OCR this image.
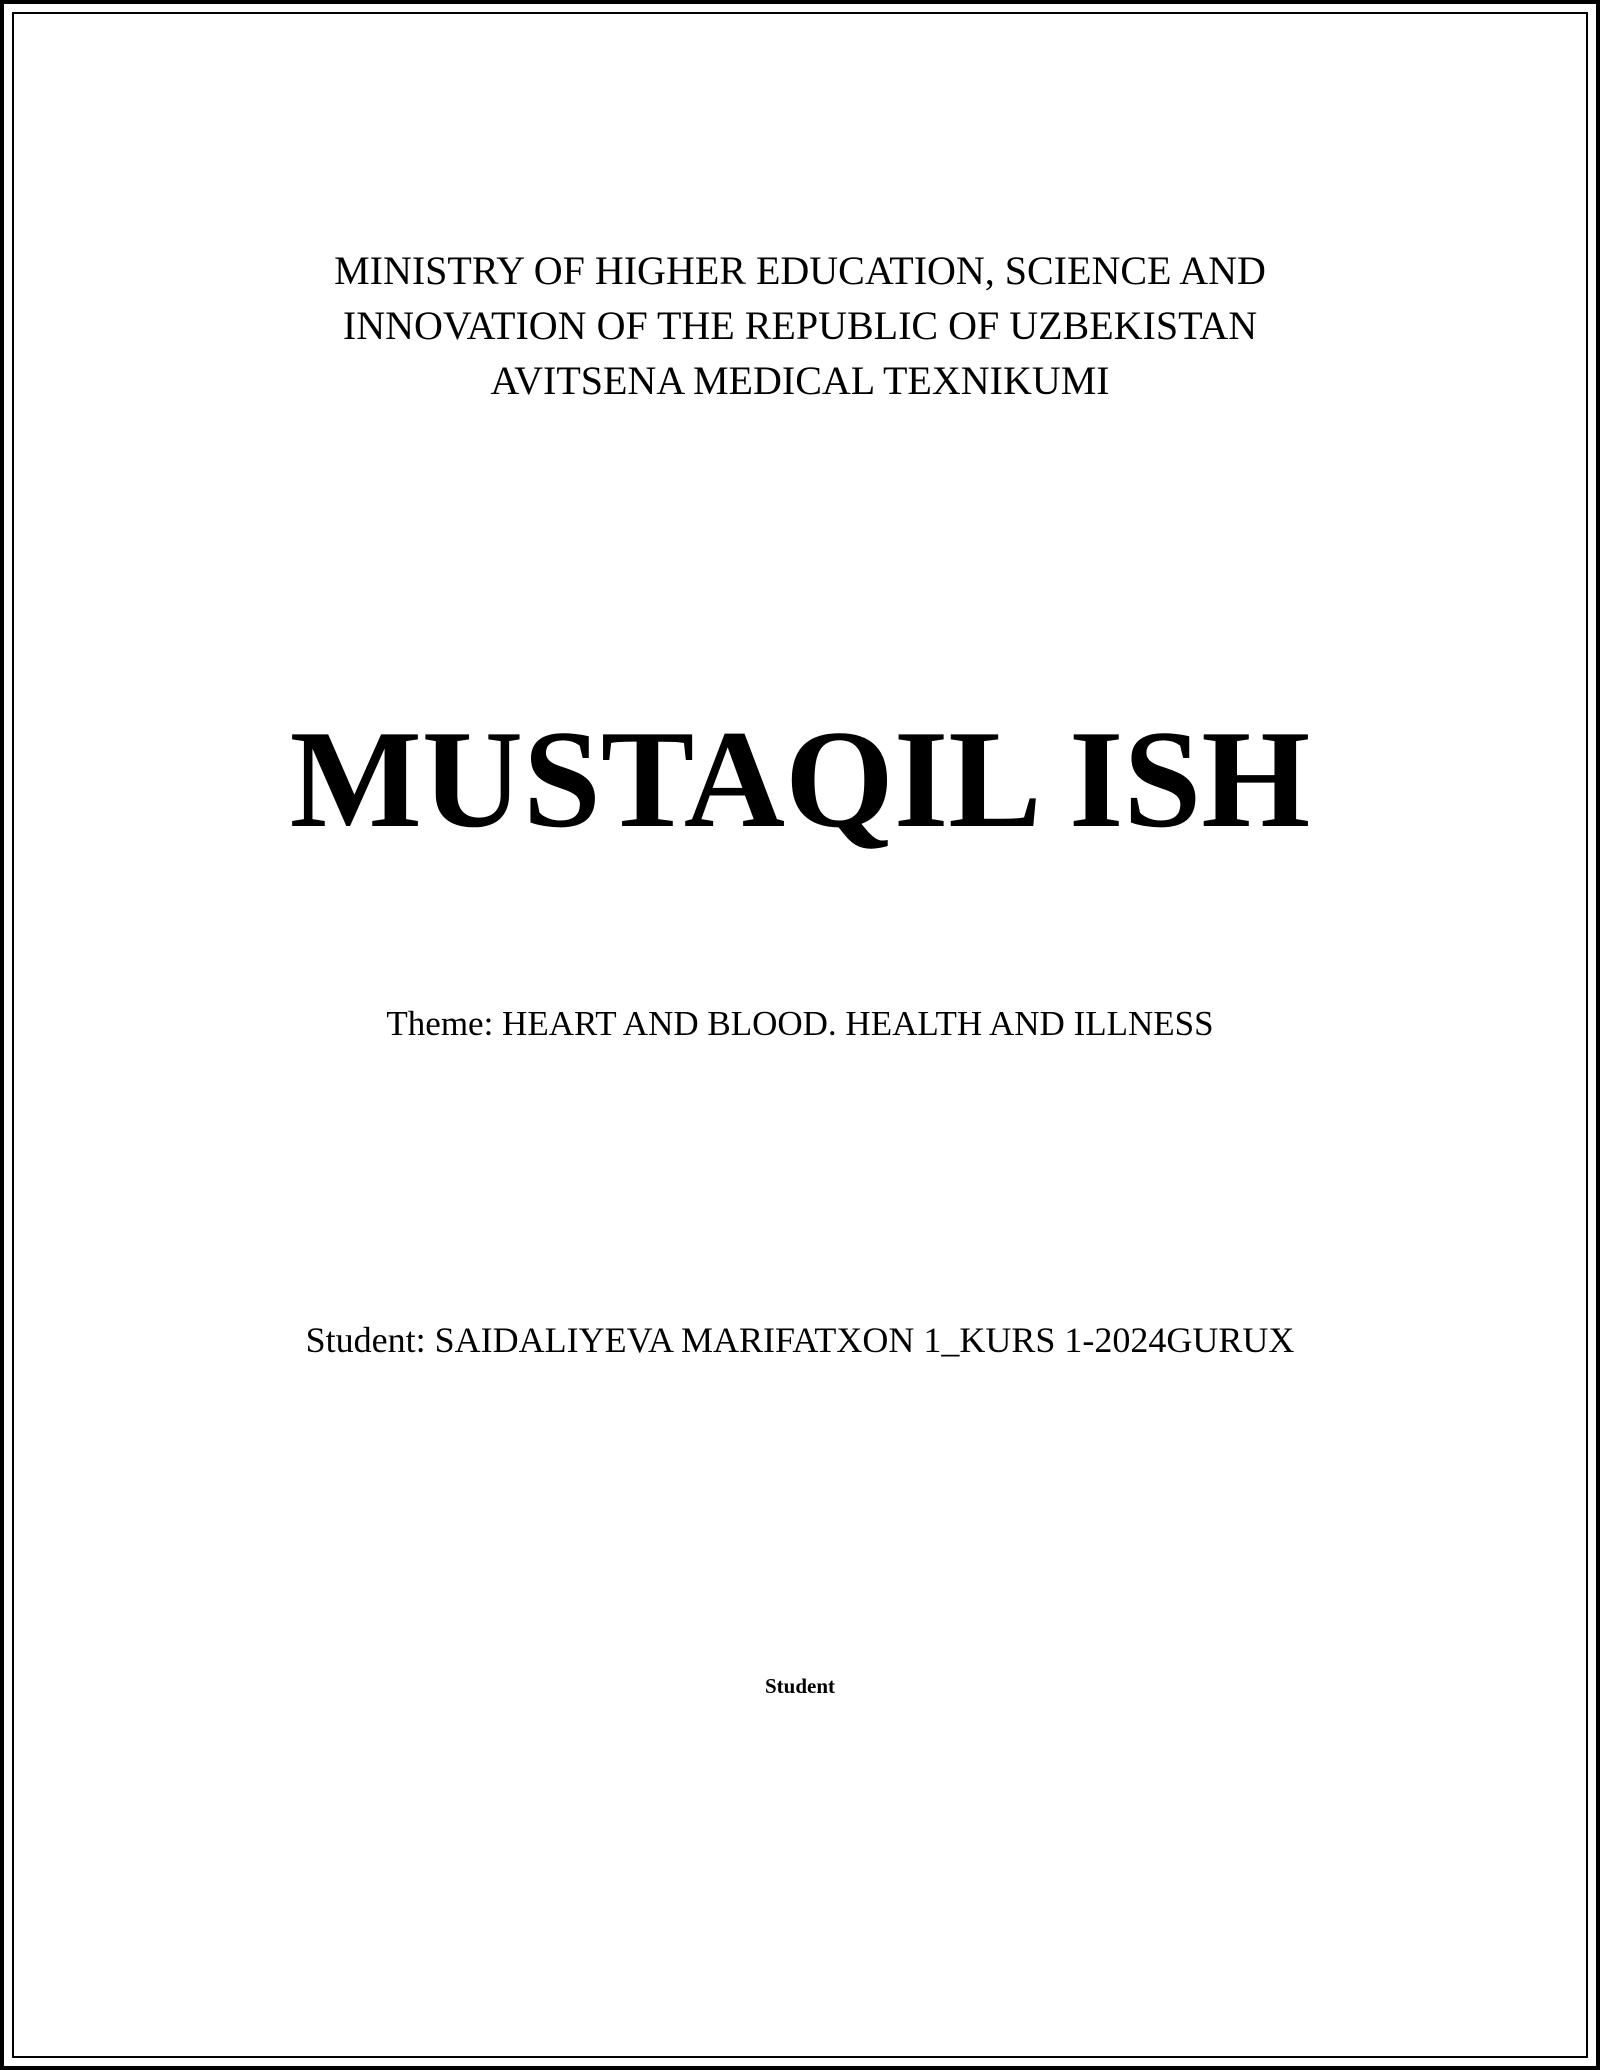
MINISTRY OF HIGHER EDUCATION, SCIENCE AND
INNOVATION OF THE REPUBLIC OF UZBEKISTAN
AVITSENA MEDICAL TEXNIKUMI
MUSTAQIL ISH
Theme: HEART AND BLOOD. HEALTH AND ILLNESS
Student: SAIDALIYEVA MARIFATXON 1_KURS 1-2024GURUX
Student
